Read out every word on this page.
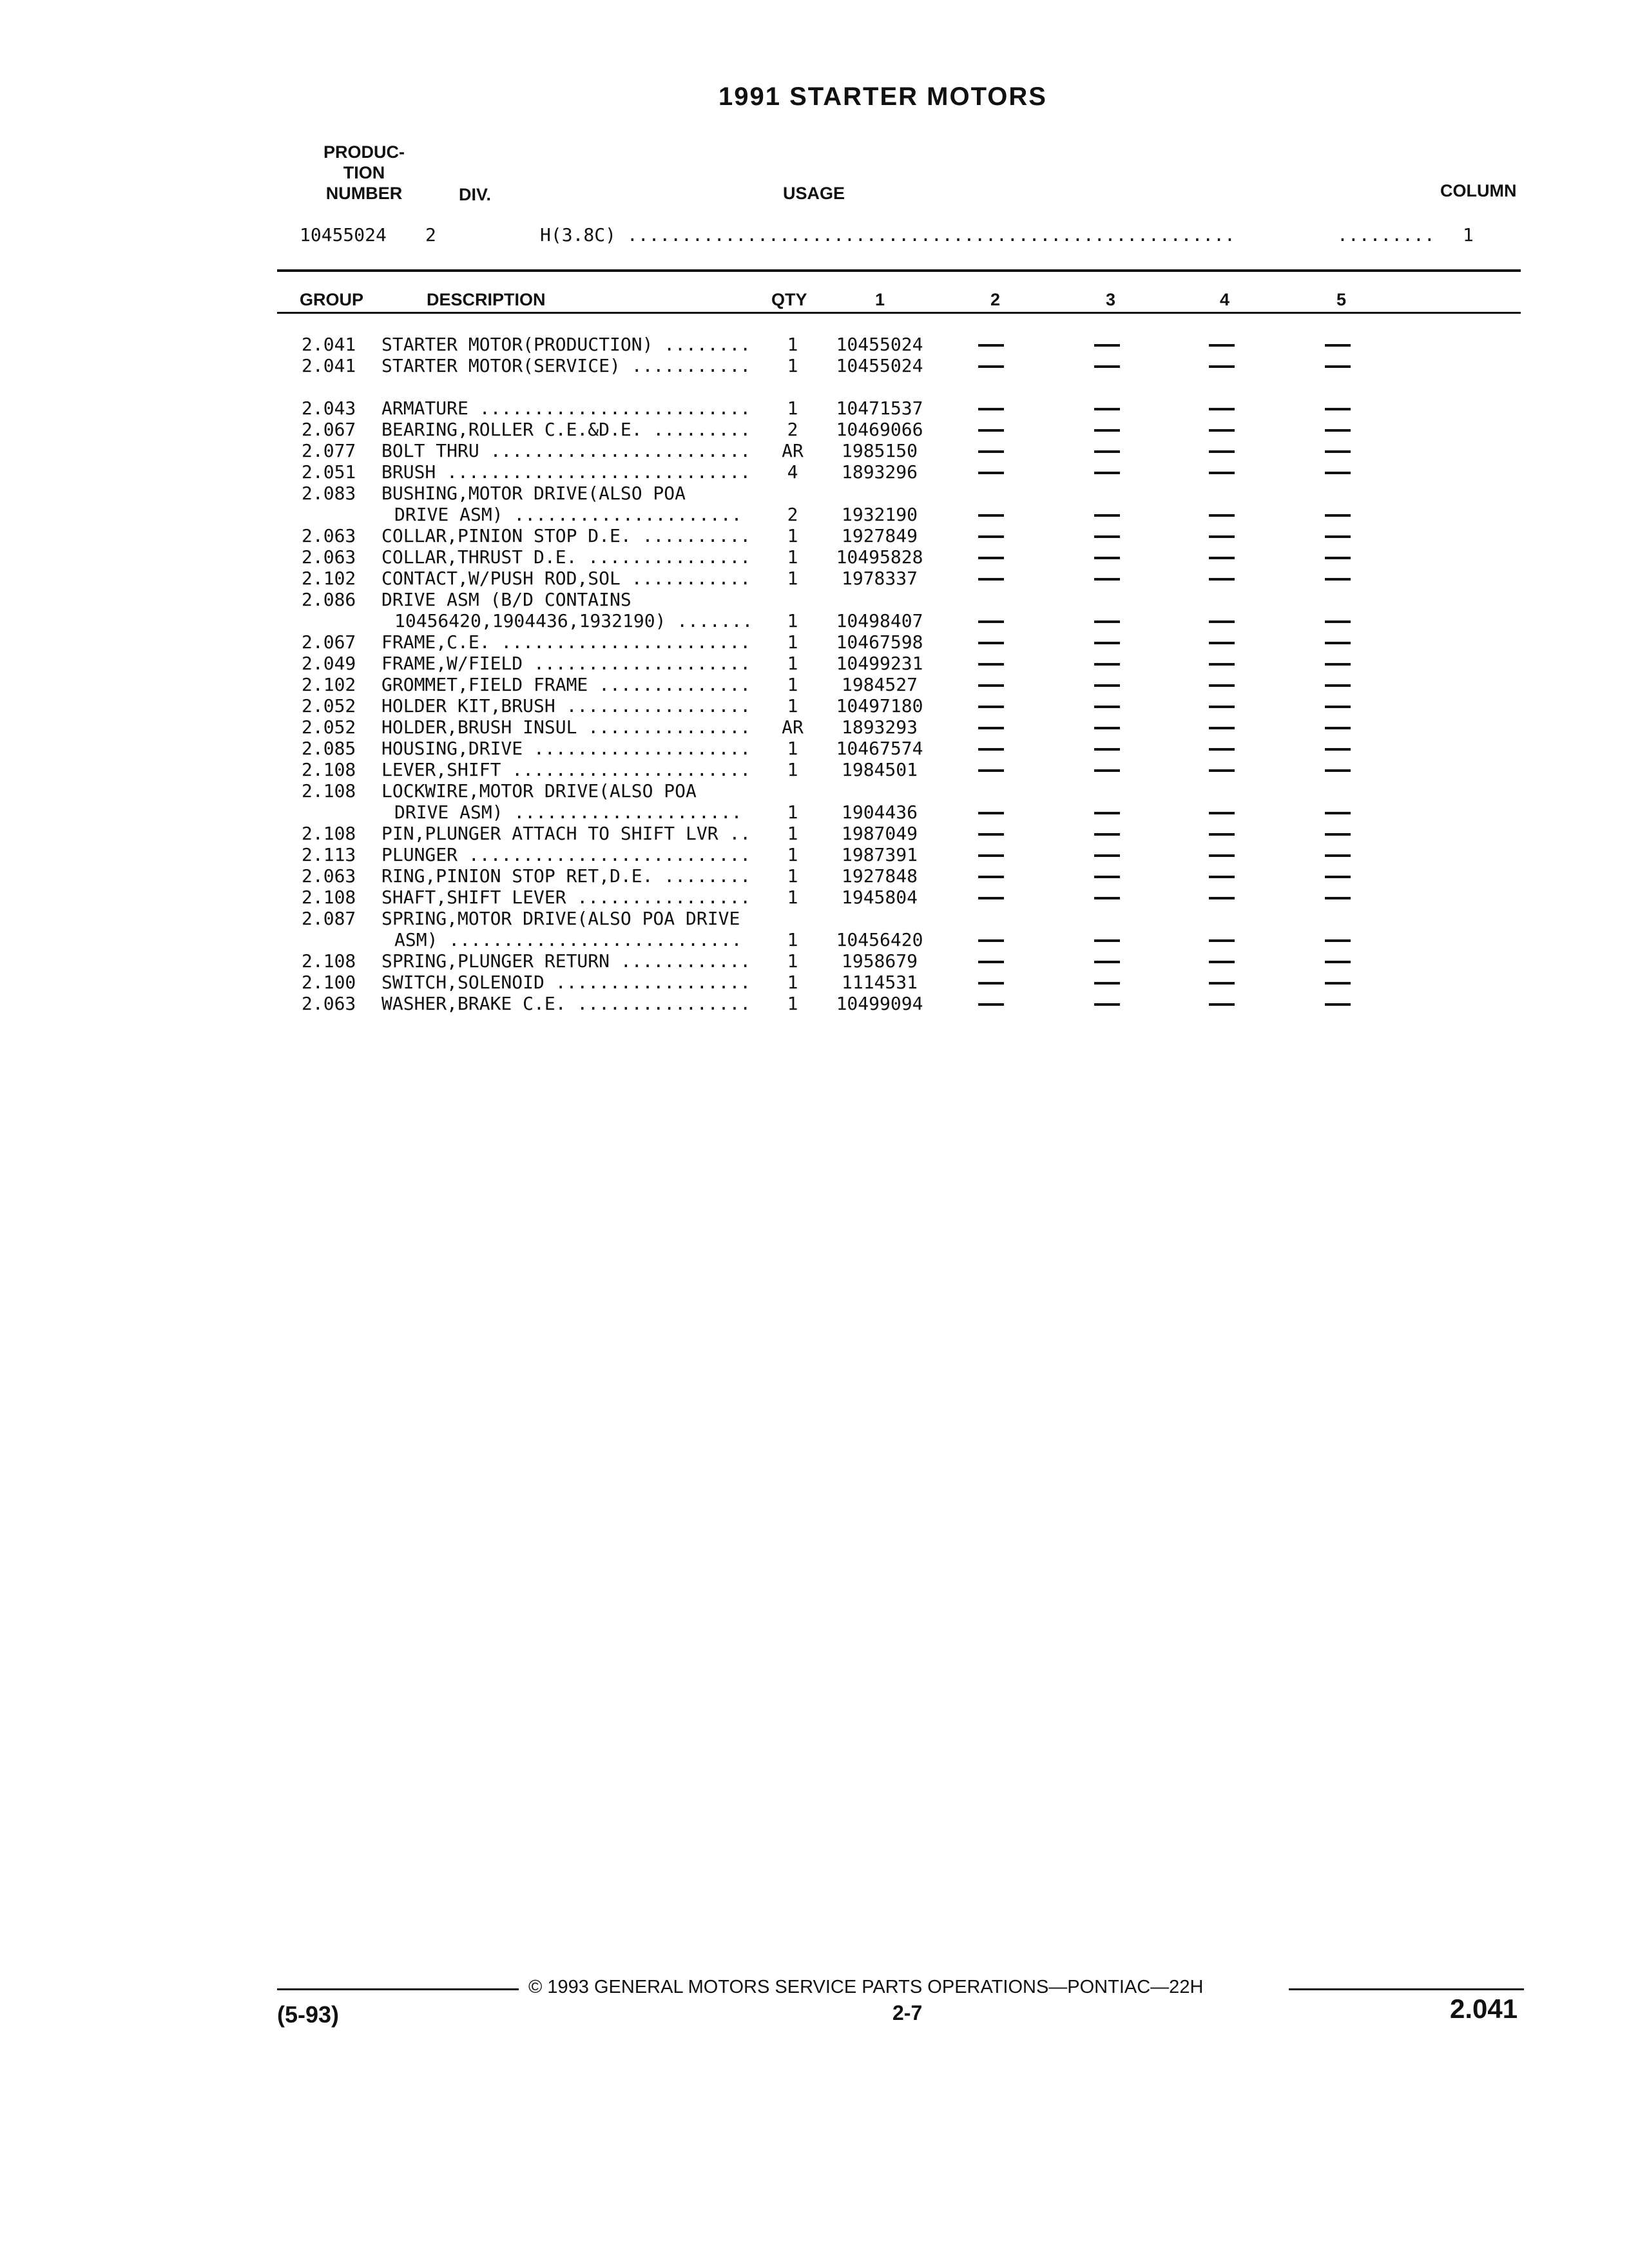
1991 STARTER MOTORS
PRODUC-
TION
NUMBER	DIV.	USAGE	COLUMN
10455024 2	H(3.8C) ........................................................	......... 1
GROUP	DESCRIPTION	QTY	1	2	3	4	5
2.041 STARTER MOTOR(PRODUCTION) ........	1	10455024
2.041 STARTER MOTOR(SERVICE) ...........	1	10455024
2.043 ARMATURE .........................	1	10471537
2.067 BEARING,ROLLER C.E.&D.E. .........	2	10469066
2.077 BOLT THRU ........................ AR	1985150
2.051 BRUSH ............................	4	1893296
2.083 BUSHING,MOTOR DRIVE(ALSO POA
DRIVE ASM) .....................	2	1932190
2.063 COLLAR,PINION STOP D.E. ..........	1	1927849
2.063 COLLAR,THRUST D.E. ...............	1	10495828
2.102 CONTACT,W/PUSH ROD,SOL ...........	1	1978337
2.086 DRIVE ASM (B/D CONTAINS
10456420,1904436,1932190) .......	1	10498407
2.067 FRAME,C.E. .......................	1	10467598
2.049 FRAME,W/FIELD ....................	1	10499231
2.102 GROMMET,FIELD FRAME ..............	1	1984527
2.052 HOLDER KIT,BRUSH .................	1	10497180
2.052 HOLDER,BRUSH INSUL ............... AR	1893293
2.085 HOUSING,DRIVE ....................	1	10467574
2.108 LEVER,SHIFT ......................	1	1984501
2.108 LOCKWIRE,MOTOR DRIVE(ALSO POA
DRIVE ASM) .....................	1	1904436
2.108 PIN,PLUNGER ATTACH TO SHIFT LVR ..	1	1987049
2.113 PLUNGER ..........................	1	1987391
2.063 RING,PINION STOP RET,D.E. ........	1	1927848
2.108 SHAFT,SHIFT LEVER ................	1	1945804
2.087 SPRING,MOTOR DRIVE(ALSO POA DRIVE
ASM) ...........................	1	10456420
2.108 SPRING,PLUNGER RETURN ............	1	1958679
2.100 SWITCH,SOLENOID ..................	1	1114531
2.063 WASHER,BRAKE C.E. ................	1	10499094
© 1993 GENERAL MOTORS SERVICE PARTS OPERATIONS—PONTIAC—22H
(5-93)	2-7	2.041
